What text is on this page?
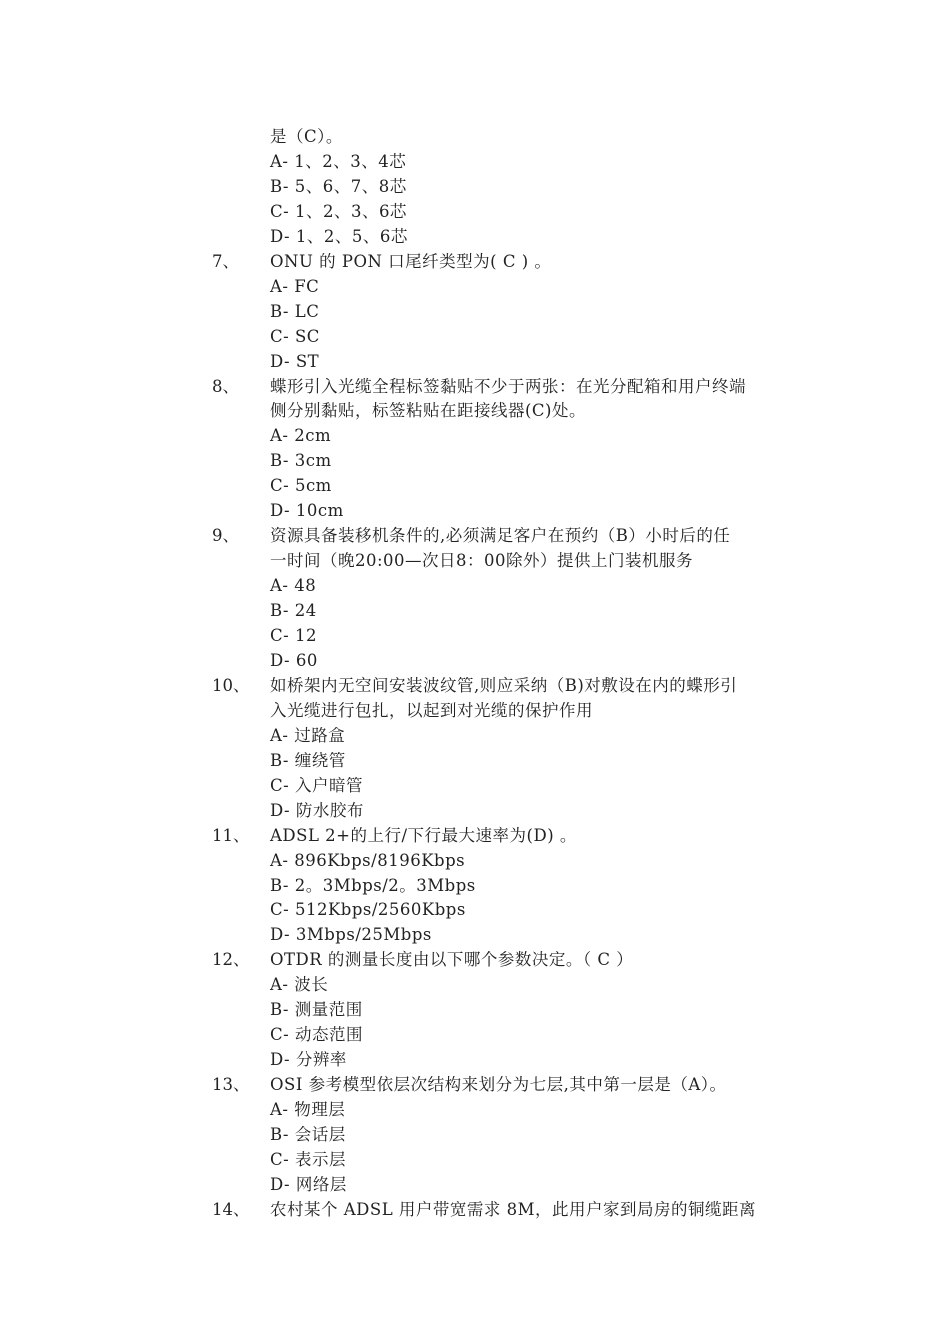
是（C）。
A- 1、2、3、4芯
B- 5、6、7、8芯
C- 1、2、3、6芯
D- 1、2、5、6芯
7、 ONU 的 PON 口尾纤类型为( C ) 。
A- FC
B- LC
C- SC
D- ST
8、 蝶形引入光缆全程标签黏贴不少于两张：在光分配箱和用户终端
侧分别黏贴，标签粘贴在距接线器(C)处。
A- 2cm
B- 3cm
C- 5cm
D- 10cm
9、 资源具备装移机条件的,必须满足客户在预约（B）小时后的任
一时间（晚20:00—次日8：00除外）提供上门装机服务
A- 48
B- 24
C- 12
D- 60
10、 如桥架内无空间安装波纹管,则应采纳（B)对敷设在内的蝶形引
入光缆进行包扎，以起到对光缆的保护作用
A- 过路盒
B- 缠绕管
C- 入户暗管
D- 防水胶布
11、 ADSL 2+的上行/下行最大速率为(D) 。
A- 896Kbps/8196Kbps
B- 2。3Mbps/2。3Mbps
C- 512Kbps/2560Kbps
D- 3Mbps/25Mbps
12、 OTDR 的测量长度由以下哪个参数决定。（ C ）
A- 波长
B- 测量范围
C- 动态范围
D- 分辨率
13、 OSI 参考模型依层次结构来划分为七层,其中第一层是（A）。
A- 物理层
B- 会话层
C- 表示层
D- 网络层
14、 农村某个 ADSL 用户带宽需求 8M，此用户家到局房的铜缆距离
